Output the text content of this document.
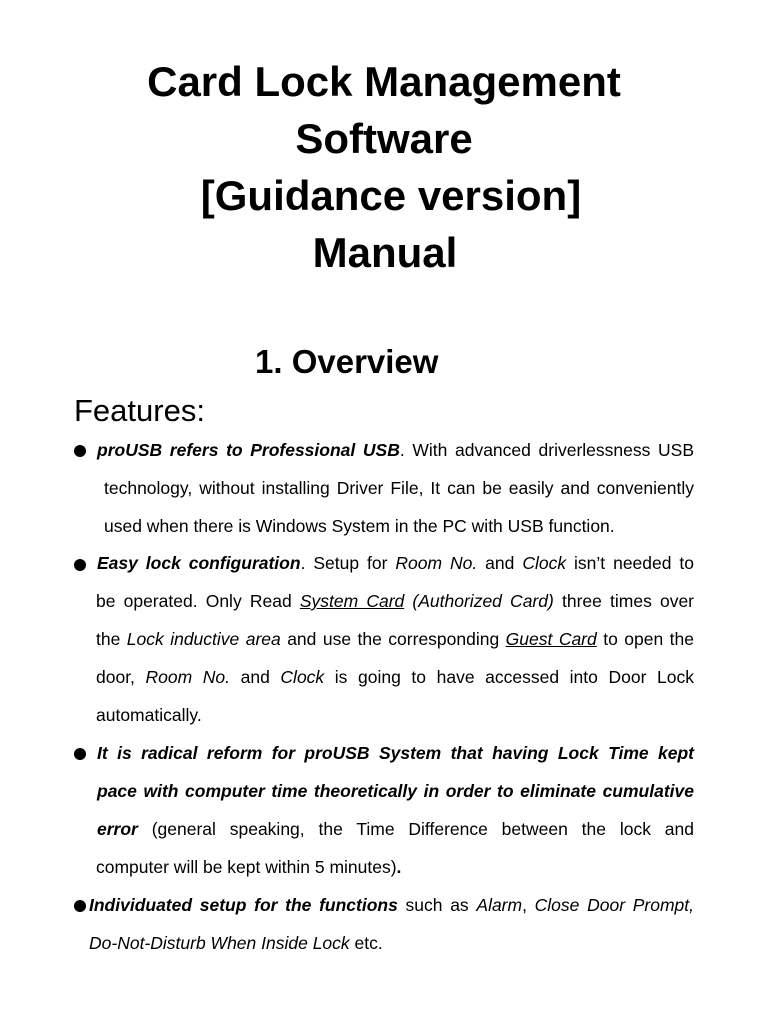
Card Lock Management
Software
[Guidance version]
Manual
1. Overview
Features:
proUSB refers to Professional USB. With advanced driverlessness USB
technology, without installing Driver File, It can be easily and conveniently
used when there is Windows System in the PC with USB function.
Easy lock configuration. Setup for Room No. and Clock isn’t needed to
be operated. Only Read System Card (Authorized Card) three times over
the Lock inductive area and use the corresponding Guest Card to open the
door, Room No. and Clock is going to have accessed into Door Lock
automatically.
It is radical reform for proUSB System that having Lock Time kept
pace with computer time theoretically in order to eliminate cumulative
error (general speaking, the Time Difference between the lock and
computer will be kept within 5 minutes).
Individuated setup for the functions such as Alarm, Close Door Prompt,
Do-Not-Disturb When Inside Lock etc.
